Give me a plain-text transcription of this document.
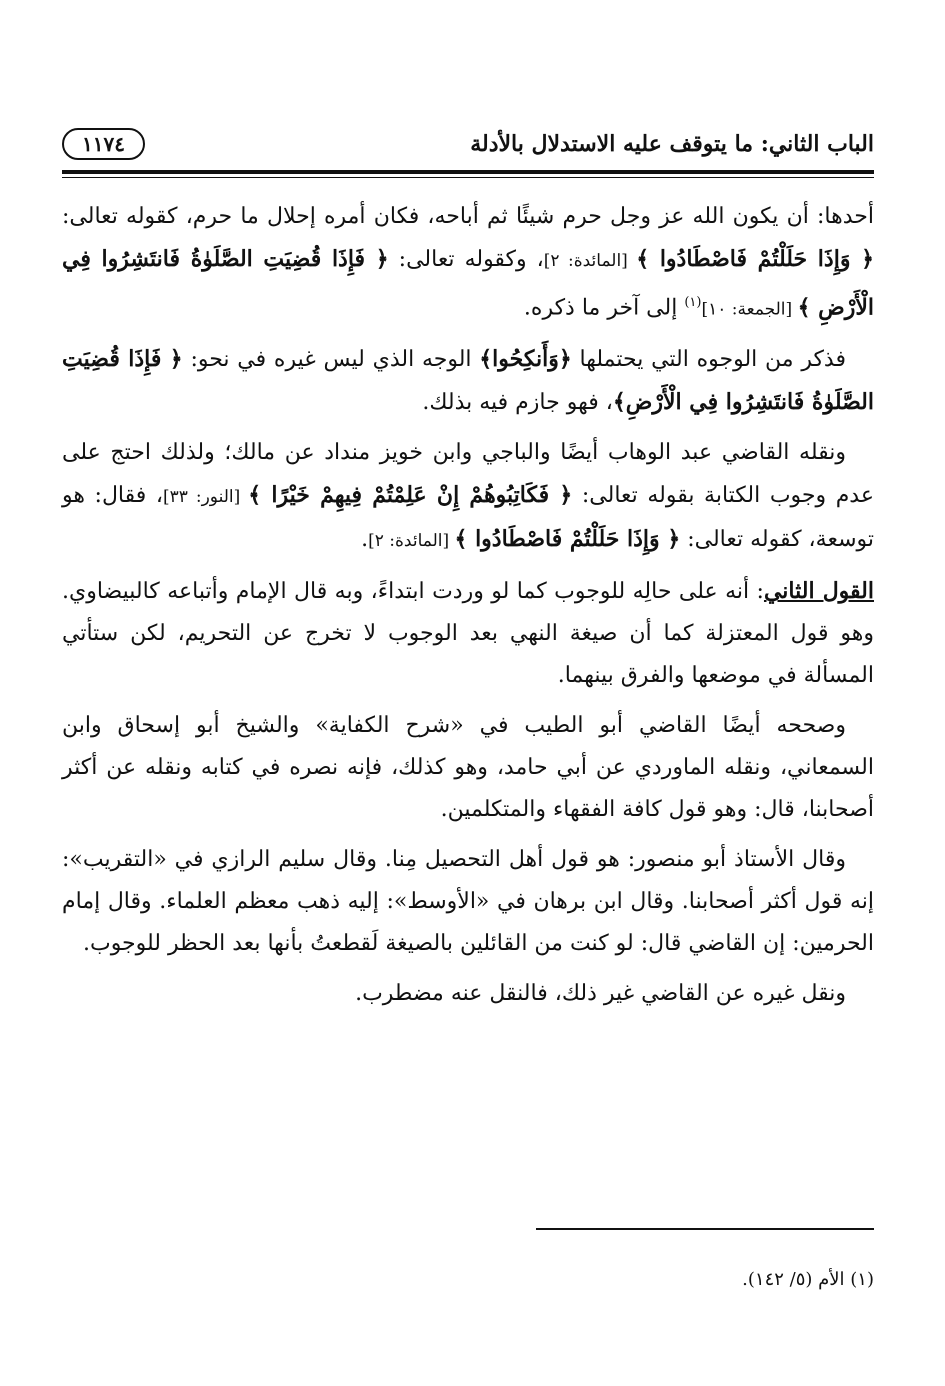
الباب الثاني: ما يتوقف عليه الاستدلال بالأدلة
١١٧٤

أحدها: أن يكون الله عز وجل حرم شيئًا ثم أباحه، فكان أمره إحلال ما حرم، كقوله تعالى: ﴿ وَإِذَا حَلَلْتُمْ فَاصْطَادُوا ﴾ [المائدة: ٢]، وكقوله تعالى: ﴿ فَإِذَا قُضِيَتِ الصَّلَوٰةُ فَانتَشِرُوا فِي الْأَرْضِ ﴾ [الجمعة: ١٠]$^{(١)}$ إلى آخر ما ذكره.

فذكر من الوجوه التي يحتملها ﴿وَأَنكِحُوا﴾ الوجه الذي ليس غيره في نحو: ﴿ فَإِذَا قُضِيَتِ الصَّلَوٰةُ فَانتَشِرُوا فِي الْأَرْضِ﴾، فهو جازم فيه بذلك.

ونقله القاضي عبد الوهاب أيضًا والباجي وابن خويز منداد عن مالك؛ ولذلك احتج على عدم وجوب الكتابة بقوله تعالى: ﴿ فَكَاتِبُوهُمْ إِنْ عَلِمْتُمْ فِيهِمْ خَيْرًا ﴾ [النور: ٣٣]، فقال: هو توسعة، كقوله تعالى: ﴿ وَإِذَا حَلَلْتُمْ فَاصْطَادُوا ﴾ [المائدة: ٢].

القول الثاني: أنه على حالِه للوجوب كما لو وردت ابتداءً، وبه قال الإمام وأتباعه كالبيضاوي. وهو قول المعتزلة كما أن صيغة النهي بعد الوجوب لا تخرج عن التحريم، لكن ستأتي المسألة في موضعها والفرق بينهما.

وصححه أيضًا القاضي أبو الطيب في «شرح الكفاية» والشيخ أبو إسحاق وابن السمعاني، ونقله الماوردي عن أبي حامد، وهو كذلك، فإنه نصره في كتابه ونقله عن أكثر أصحابنا، قال: وهو قول كافة الفقهاء والمتكلمين.

وقال الأستاذ أبو منصور: هو قول أهل التحصيل مِنا. وقال سليم الرازي في «التقريب»: إنه قول أكثر أصحابنا. وقال ابن برهان في «الأوسط»: إليه ذهب معظم العلماء. وقال إمام الحرمين: إن القاضي قال: لو كنت من القائلين بالصيغة لَقطعتُ بأنها بعد الحظر للوجوب.

ونقل غيره عن القاضي غير ذلك، فالنقل عنه مضطرب.

(١) الأم (٥/ ١٤٢).
